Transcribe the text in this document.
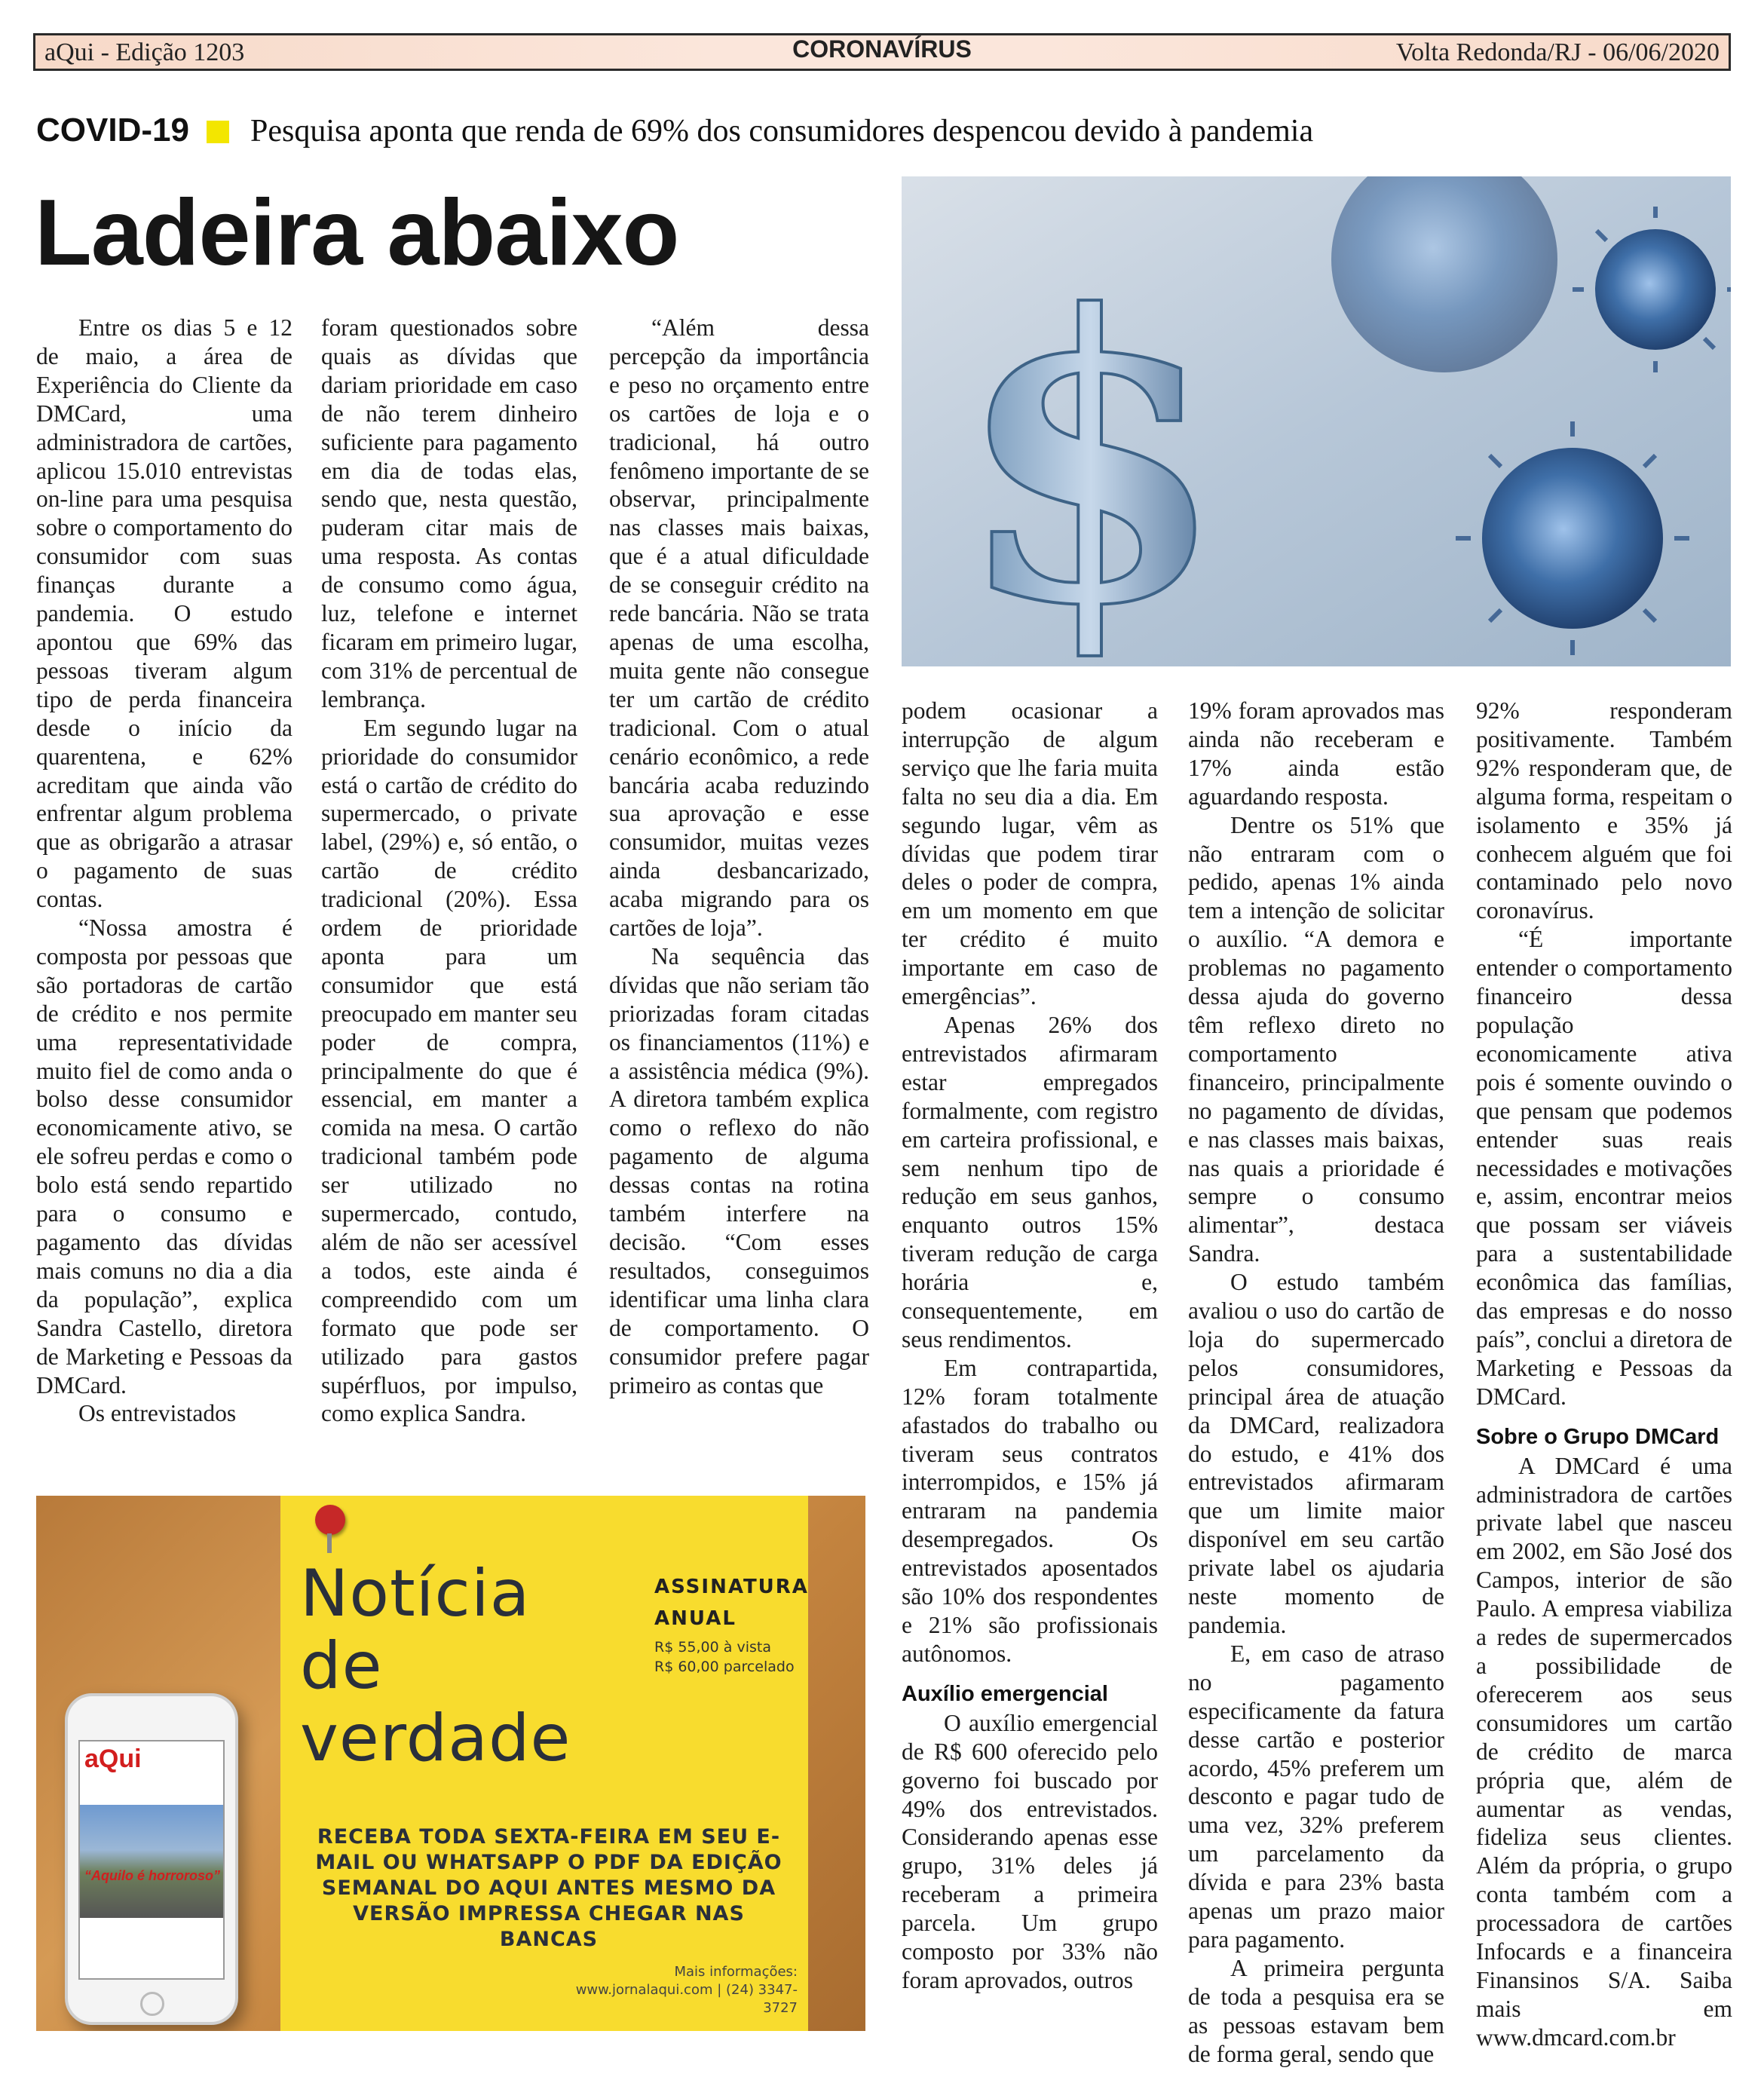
aQui - Edição 1203	CORONAVÍRUS	Volta Redonda/RJ - 06/06/2020
COVID-19 Pesquisa aponta que renda de 69% dos consumidores despencou devido à pandemia
Ladeira abaixo $

Entre os dias 5 e 12 de maio, a área de Experiência do Cliente da DMCard, uma administradora de cartões, aplicou 15.010 entrevistas on-line para uma pesquisa sobre o comportamento do consumidor com suas finanças durante a pandemia. O estudo apontou que 69% das pessoas tiveram algum tipo de perda financeira desde o início da quarentena, e 62% acreditam que ainda vão enfrentar algum problema que as obrigarão a atrasar o pagamento de suas contas.

“Nossa amostra é composta por pessoas que são portadoras de cartão de crédito e nos permite uma representatividade muito fiel de como anda o bolso desse consumidor economicamente ativo, se ele sofreu perdas e como o bolo está sendo repartido para o consumo e pagamento das dívidas mais comuns no dia a dia da população”, explica Sandra Castello, diretora de Marketing e Pessoas da DMCard.

Os entrevistados

foram questionados sobre quais as dívidas que dariam prioridade em caso de não terem dinheiro suficiente para pagamento em dia de todas elas, sendo que, nesta questão, puderam citar mais de uma resposta. As contas de consumo como água, luz, telefone e internet ficaram em primeiro lugar, com 31% de percentual de lembrança.

Em segundo lugar na prioridade do consumidor está o cartão de crédito do supermercado, o private label, (29%) e, só então, o cartão de crédito tradicional (20%). Essa ordem de prioridade aponta para um consumidor que está preocupado em manter seu poder de compra, principalmente do que é essencial, em manter a comida na mesa. O cartão tradicional também pode ser utilizado no supermercado, contudo, além de não ser acessível a todos, este ainda é compreendido com um formato que pode ser utilizado para gastos supérfluos, por impulso, como explica Sandra.

“Além dessa percepção da importância e peso no orçamento entre os cartões de loja e o tradicional, há outro fenômeno importante de se observar, principalmente nas classes mais baixas, que é a atual dificuldade de se conseguir crédito na rede bancária. Não se trata apenas de uma escolha, muita gente não consegue ter um cartão de crédito tradicional. Com o atual cenário econômico, a rede bancária acaba reduzindo sua aprovação e esse consumidor, muitas vezes ainda desbancarizado, acaba migrando para os cartões de loja”.

Na sequência das dívidas que não seriam tão priorizadas foram citadas os financiamentos (11%) e a assistência médica (9%). A diretora também explica como o reflexo do não pagamento de alguma dessas contas na rotina também interfere na decisão. “Com esses resultados, conseguimos identificar uma linha clara de comportamento. O consumidor prefere pagar primeiro as contas que

podem ocasionar a interrupção de algum serviço que lhe faria muita falta no seu dia a dia. Em segundo lugar, vêm as dívidas que podem tirar deles o poder de compra, em um momento em que ter crédito é muito importante em caso de emergências”.

Apenas 26% dos entrevistados afirmaram estar empregados formalmente, com registro em carteira profissional, e sem nenhum tipo de redução em seus ganhos, enquanto outros 15% tiveram redução de carga horária e, consequentemente, em seus rendimentos.

Em contrapartida, 12% foram totalmente afastados do trabalho ou tiveram seus contratos interrompidos, e 15% já entraram na pandemia desempregados. Os entrevistados aposentados são 10% dos respondentes e 21% são profissionais autônomos.

Auxílio emergencial

O auxílio emergencial de R$ 600 oferecido pelo governo foi buscado por 49% dos entrevistados. Considerando apenas esse grupo, 31% deles já receberam a primeira parcela. Um grupo composto por 33% não foram aprovados, outros

19% foram aprovados mas ainda não receberam e 17% ainda estão aguardando resposta.

Dentre os 51% que não entraram com o pedido, apenas 1% ainda tem a intenção de solicitar o auxílio. “A demora e problemas no pagamento dessa ajuda do governo têm reflexo direto no comportamento financeiro, principalmente no pagamento de dívidas, e nas classes mais baixas, nas quais a prioridade é sempre o consumo alimentar”, destaca Sandra.

O estudo também avaliou o uso do cartão de loja do supermercado pelos consumidores, principal área de atuação da DMCard, realizadora do estudo, e 41% dos entrevistados afirmaram que um limite maior disponível em seu cartão private label os ajudaria neste momento de pandemia.

E, em caso de atraso no pagamento especificamente da fatura desse cartão e posterior acordo, 45% preferem um desconto e pagar tudo de uma vez, 32% preferem um parcelamento da dívida e para 23% basta apenas um prazo maior para pagamento.

A primeira pergunta de toda a pesquisa era se as pessoas estavam bem de forma geral, sendo que

92% responderam positivamente. Também 92% responderam que, de alguma forma, respeitam o isolamento e 35% já conhecem alguém que foi contaminado pelo novo coronavírus.

“É importante entender o comportamento financeiro dessa população economicamente ativa pois é somente ouvindo o que pensam que podemos entender suas reais necessidades e motivações e, assim, encontrar meios que possam ser viáveis para a sustentabilidade econômica das famílias, das empresas e do nosso país”, conclui a diretora de Marketing e Pessoas da DMCard.

Sobre o Grupo DMCard

A DMCard é uma administradora de cartões private label que nasceu em 2002, em São José dos Campos, interior de são Paulo. A empresa viabiliza a redes de supermercados a possibilidade de oferecerem aos seus consumidores um cartão de crédito de marca própria que, além de aumentar as vendas, fideliza seus clientes. Além da própria, o grupo conta também com a processadora de cartões Infocards e a financeira Finansinos S/A. Saiba mais em www.dmcard.com.br

Notícia de verdade
ASSINATURA ANUAL
R$ 55,00 à vista
R$ 60,00 parcelado
RECEBA TODA SEXTA-FEIRA EM SEU E-MAIL OU WHATSAPP O PDF DA EDIÇÃO SEMANAL DO AQUI ANTES MESMO DA VERSÃO IMPRESSA CHEGAR NAS BANCAS
Mais informações:
www.jornalaqui.com | (24) 3347-3727
aQui
“Aquilo é horroroso”
